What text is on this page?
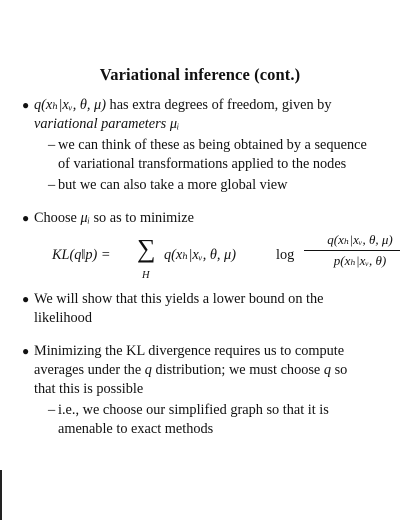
Variational inference (cont.)
● q(xₕ|xᵥ, θ, μ) has extra degrees of freedom, given by variational parameters μᵢ
– we can think of these as being obtained by a sequence of variational transformations applied to the nodes
– but we can also take a more global view
● Choose μᵢ so as to minimize
KL(q‖p) = ∑
H
q(xₕ|xᵥ, θ, μ)	log
q(xₕ|xᵥ, θ, μ)
p(xₕ|xᵥ, θ)
● We will show that this yields a lower bound on the likelihood
● Minimizing the KL divergence requires us to compute averages under the q distribution; we must choose q so that this is possible
– i.e., we choose our simplified graph so that it is amenable to exact methods
